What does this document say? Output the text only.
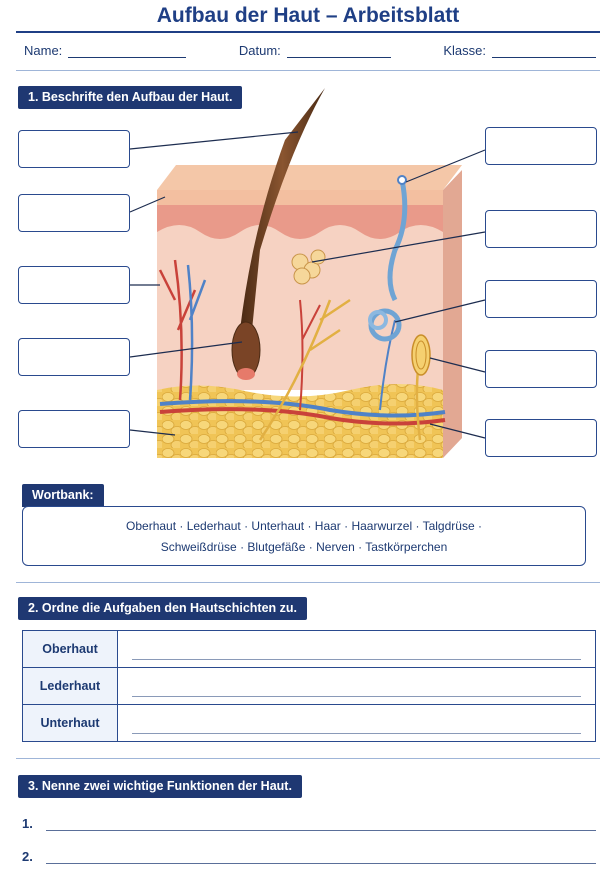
Aufbau der Haut – Arbeitsblatt
Name:	Datum:	Klasse:
1. Beschrifte den Aufbau der Haut.
Wortbank:
Oberhaut · Lederhaut · Unterhaut · Haar · Haarwurzel · Talgdrüse ·
Schweißdrüse · Blutgefäße · Nerven · Tastkörperchen
2. Ordne die Aufgaben den Hautschichten zu.
Oberhaut	

Lederhaut	

Unterhaut	
3. Nenne zwei wichtige Funktionen der Haut.
1.
2.
